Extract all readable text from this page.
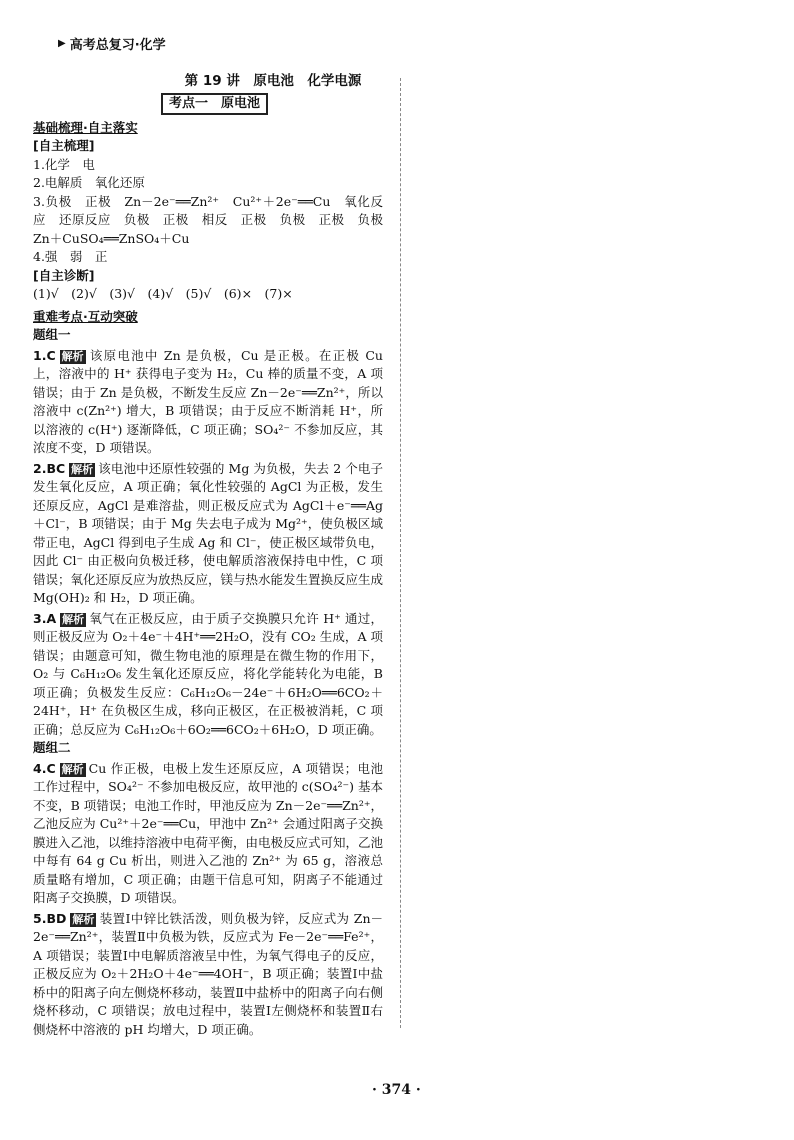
▶ 高考总复习·化学
第 19 讲　原电池　化学电源
考点一　原电池
基础梳理·自主落实
[自主梳理]

1.化学　电

2.电解质　氧化还原

3.负极　正极　Zn－2e⁻══Zn²⁺　Cu²⁺＋2e⁻══Cu　氧化反应　还原反应　负极　正极　相反　正极　负极　正极　负极　Zn＋CuSO₄══ZnSO₄＋Cu

4.强　弱　正

[自主诊断]

(1)√　(2)√　(3)√　(4)√　(5)√　(6)×　(7)×

重难考点·互动突破
题组一

1.C 解析 该原电池中 Zn 是负极，Cu 是正极。在正极 Cu 上，溶液中的 H⁺ 获得电子变为 H₂，Cu 棒的质量不变，A 项错误；由于 Zn 是负极，不断发生反应 Zn－2e⁻══Zn²⁺，所以溶液中 c(Zn²⁺) 增大，B 项错误；由于反应不断消耗 H⁺，所以溶液的 c(H⁺) 逐渐降低，C 项正确；SO₄²⁻ 不参加反应，其浓度不变，D 项错误。

2.BC 解析 该电池中还原性较强的 Mg 为负极，失去 2 个电子发生氧化反应，A 项正确；氧化性较强的 AgCl 为正极，发生还原反应，AgCl 是难溶盐，则正极反应式为 AgCl＋e⁻══Ag＋Cl⁻，B 项错误；由于 Mg 失去电子成为 Mg²⁺，使负极区域带正电，AgCl 得到电子生成 Ag 和 Cl⁻，使正极区域带负电，因此 Cl⁻ 由正极向负极迁移，使电解质溶液保持电中性，C 项错误；氧化还原反应为放热反应，镁与热水能发生置换反应生成 Mg(OH)₂ 和 H₂，D 项正确。

3.A 解析 氧气在正极反应，由于质子交换膜只允许 H⁺ 通过，则正极反应为 O₂＋4e⁻＋4H⁺══2H₂O，没有 CO₂ 生成，A 项错误；由题意可知，微生物电池的原理是在微生物的作用下，O₂ 与 C₆H₁₂O₆ 发生氧化还原反应，将化学能转化为电能，B 项正确；负极发生反应：C₆H₁₂O₆－24e⁻＋6H₂O══6CO₂＋24H⁺，H⁺ 在负极区生成，移向正极区，在正极被消耗，C 项正确；总反应为 C₆H₁₂O₆＋6O₂══6CO₂＋6H₂O，D 项正确。

题组二

4.C 解析 Cu 作正极，电极上发生还原反应，A 项错误；电池工作过程中，SO₄²⁻ 不参加电极反应，故甲池的 c(SO₄²⁻) 基本不变，B 项错误；电池工作时，甲池反应为 Zn－2e⁻══Zn²⁺，乙池反应为 Cu²⁺＋2e⁻══Cu，甲池中 Zn²⁺ 会通过阳离子交换膜进入乙池，以维持溶液中电荷平衡，由电极反应式可知，乙池中每有 64 g Cu 析出，则进入乙池的 Zn²⁺ 为 65 g，溶液总质量略有增加，C 项正确；由题干信息可知，阴离子不能通过阳离子交换膜，D 项错误。

5.BD 解析 装置Ⅰ中锌比铁活泼，则负极为锌，反应式为 Zn－2e⁻══Zn²⁺，装置Ⅱ中负极为铁，反应式为 Fe－2e⁻══Fe²⁺，A 项错误；装置Ⅰ中电解质溶液呈中性，为氧气得电子的反应，正极反应为 O₂＋2H₂O＋4e⁻══4OH⁻，B 项正确；装置Ⅰ中盐桥中的阳离子向左侧烧杯移动，装置Ⅱ中盐桥中的阳离子向右侧烧杯移动，C 项错误；放电过程中，装置Ⅰ左侧烧杯和装置Ⅱ右侧烧杯中溶液的 pH 均增大，D 项正确。

· 374 ·
